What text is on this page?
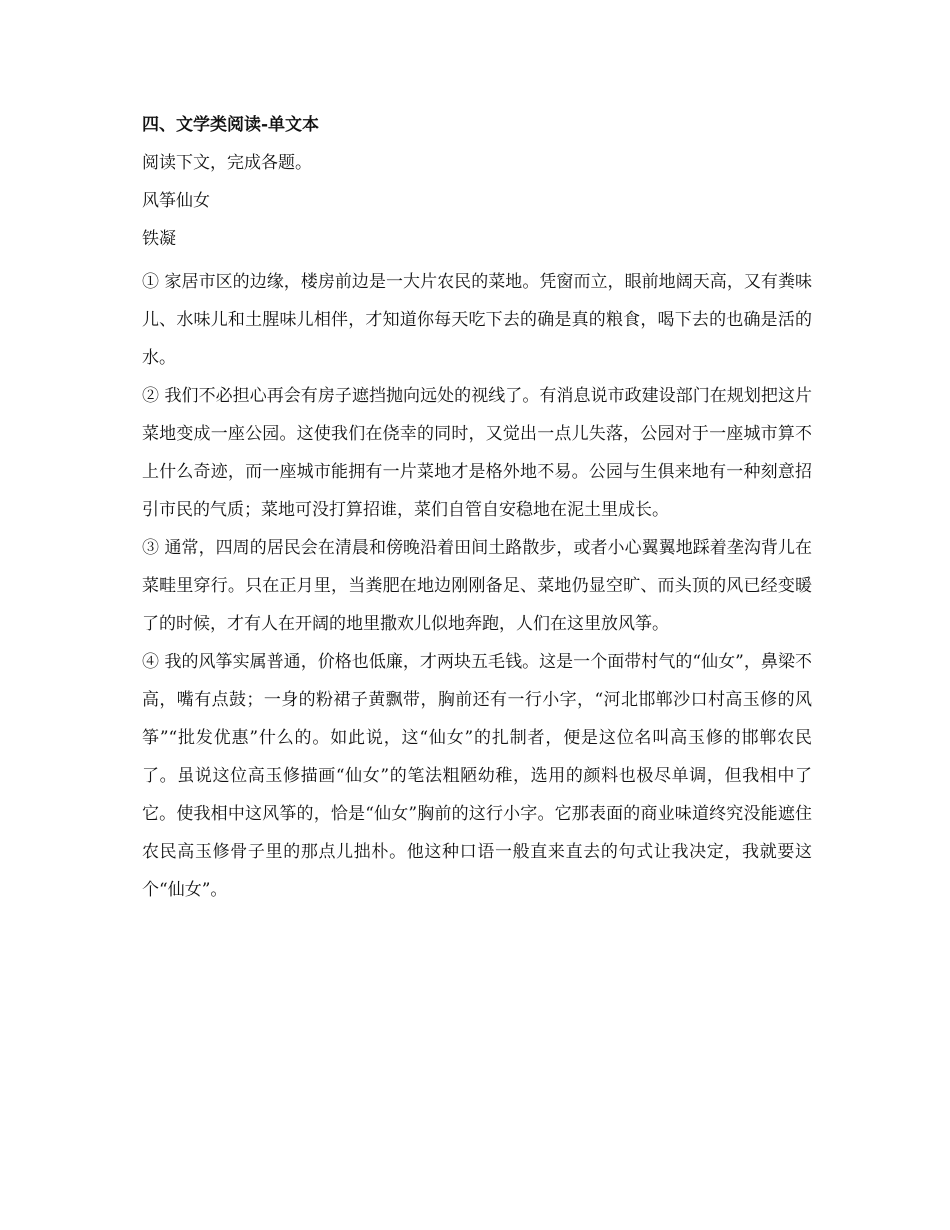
四、文学类阅读-单文本
阅读下文，完成各题。
风筝仙女
铁凝

① 家居市区的边缘，楼房前边是一大片农民的菜地。凭窗而立，眼前地阔天高，又有粪味儿、水味儿和土腥味儿相伴，才知道你每天吃下去的确是真的粮食，喝下去的也确是活的水。

② 我们不必担心再会有房子遮挡抛向远处的视线了。有消息说市政建设部门在规划把这片菜地变成一座公园。这使我们在侥幸的同时，又觉出一点儿失落，公园对于一座城市算不上什么奇迹，而一座城市能拥有一片菜地才是格外地不易。公园与生俱来地有一种刻意招引市民的气质；菜地可没打算招谁，菜们自管自安稳地在泥土里成长。

③ 通常，四周的居民会在清晨和傍晚沿着田间土路散步，或者小心翼翼地踩着垄沟背儿在菜畦里穿行。只在正月里，当粪肥在地边刚刚备足、菜地仍显空旷、而头顶的风已经变暖了的时候，才有人在开阔的地里撒欢儿似地奔跑，人们在这里放风筝。

④ 我的风筝实属普通，价格也低廉，才两块五毛钱。这是一个面带村气的“仙女”，鼻梁不高，嘴有点鼓；一身的粉裙子黄飘带，胸前还有一行小字，“河北邯郸沙口村高玉修的风筝”“批发优惠”什么的。如此说，这“仙女”的扎制者，便是这位名叫高玉修的邯郸农民了。虽说这位高玉修描画“仙女”的笔法粗陋幼稚，选用的颜料也极尽单调，但我相中了它。使我相中这风筝的，恰是“仙女”胸前的这行小字。它那表面的商业味道终究没能遮住农民高玉修骨子里的那点儿拙朴。他这种口语一般直来直去的句式让我决定，我就要这个“仙女”。
